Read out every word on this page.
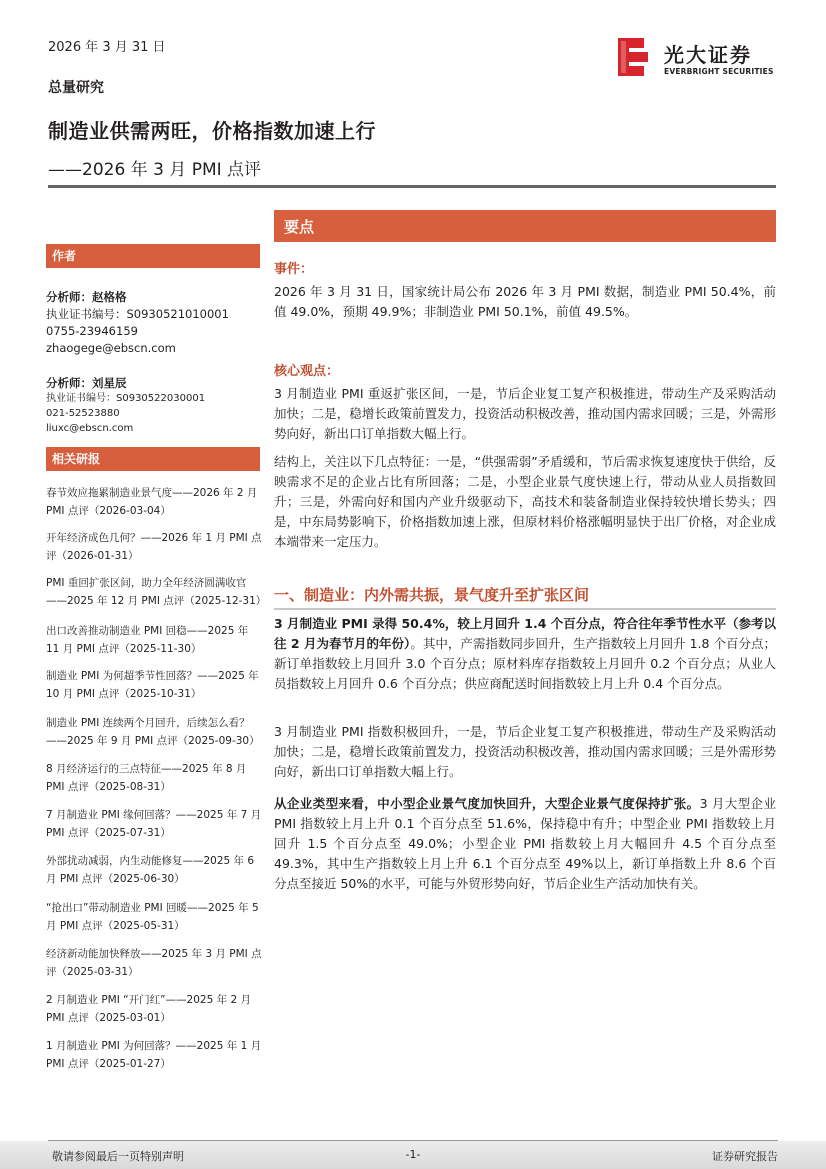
2026 年 3 月 31 日
总量研究
制造业供需两旺，价格指数加速上行
——2026 年 3 月 PMI 点评
光大证券
EVERBRIGHT SECURITIES
作者
分析师：赵格格
执业证书编号：S0930521010001
0755-23946159
zhaogege@ebscn.com
分析师：刘星辰
执业证书编号：S0930522030001
021-52523880
liuxc@ebscn.com
相关研报
春节效应拖累制造业景气度——2026 年 2 月 PMI 点评（2026-03-04）
开年经济成色几何？——2026 年 1 月 PMI 点评（2026-01-31）
PMI 重回扩张区间，助力全年经济圆满收官——2025 年 12 月 PMI 点评（2025-12-31）
出口改善推动制造业 PMI 回稳——2025 年 11 月 PMI 点评（2025-11-30）
制造业 PMI 为何超季节性回落？——2025 年 10 月 PMI 点评（2025-10-31）
制造业 PMI 连续两个月回升，后续怎么看？——2025 年 9 月 PMI 点评（2025-09-30）
8 月经济运行的三点特征——2025 年 8 月 PMI 点评（2025-08-31）
7 月制造业 PMI 缘何回落？——2025 年 7 月 PMI 点评（2025-07-31）
外部扰动减弱，内生动能修复——2025 年 6 月 PMI 点评（2025-06-30）
“抢出口”带动制造业 PMI 回暖——2025 年 5 月 PMI 点评（2025-05-31）
经济新动能加快释放——2025 年 3 月 PMI 点评（2025-03-31）
2 月制造业 PMI “开门红”——2025 年 2 月 PMI 点评（2025-03-01）
1 月制造业 PMI 为何回落？——2025 年 1 月 PMI 点评（2025-01-27）
要点
事件：
2026 年 3 月 31 日，国家统计局公布 2026 年 3 月 PMI 数据，制造业 PMI 50.4%，前值 49.0%，预期 49.9%；非制造业 PMI 50.1%，前值 49.5%。
核心观点：
3 月制造业 PMI 重返扩张区间，一是，节后企业复工复产积极推进，带动生产及采购活动加快；二是，稳增长政策前置发力，投资活动积极改善，推动国内需求回暖；三是，外需形势向好，新出口订单指数大幅上行。
结构上，关注以下几点特征：一是，“供强需弱”矛盾缓和，节后需求恢复速度快于供给，反映需求不足的企业占比有所回落；二是，小型企业景气度快速上行，带动从业人员指数回升；三是，外需向好和国内产业升级驱动下，高技术和装备制造业保持较快增长势头；四是，中东局势影响下，价格指数加速上涨，但原材料价格涨幅明显快于出厂价格，对企业成本端带来一定压力。
一、制造业：内外需共振，景气度升至扩张区间
3 月制造业 PMI 录得 50.4%，较上月回升 1.4 个百分点，符合往年季节性水平（参考以往 2 月为春节月的年份）。其中，产需指数同步回升，生产指数较上月回升 1.8 个百分点；新订单指数较上月回升 3.0 个百分点；原材料库存指数较上月回升 0.2 个百分点；从业人员指数较上月回升 0.6 个百分点；供应商配送时间指数较上月上升 0.4 个百分点。
3 月制造业 PMI 指数积极回升，一是，节后企业复工复产积极推进，带动生产及采购活动加快；二是，稳增长政策前置发力，投资活动积极改善，推动国内需求回暖；三是外需形势向好，新出口订单指数大幅上行。
从企业类型来看，中小型企业景气度加快回升，大型企业景气度保持扩张。3 月大型企业 PMI 指数较上月上升 0.1 个百分点至 51.6%，保持稳中有升；中型企业 PMI 指数较上月回升 1.5 个百分点至 49.0%；小型企业 PMI 指数较上月大幅回升 4.5 个百分点至 49.3%，其中生产指数较上月上升 6.1 个百分点至 49%以上，新订单指数上升 8.6 个百分点至接近 50%的水平，可能与外贸形势向好，节后企业生产活动加快有关。
敬请参阅最后一页特别声明	-1-	证券研究报告
